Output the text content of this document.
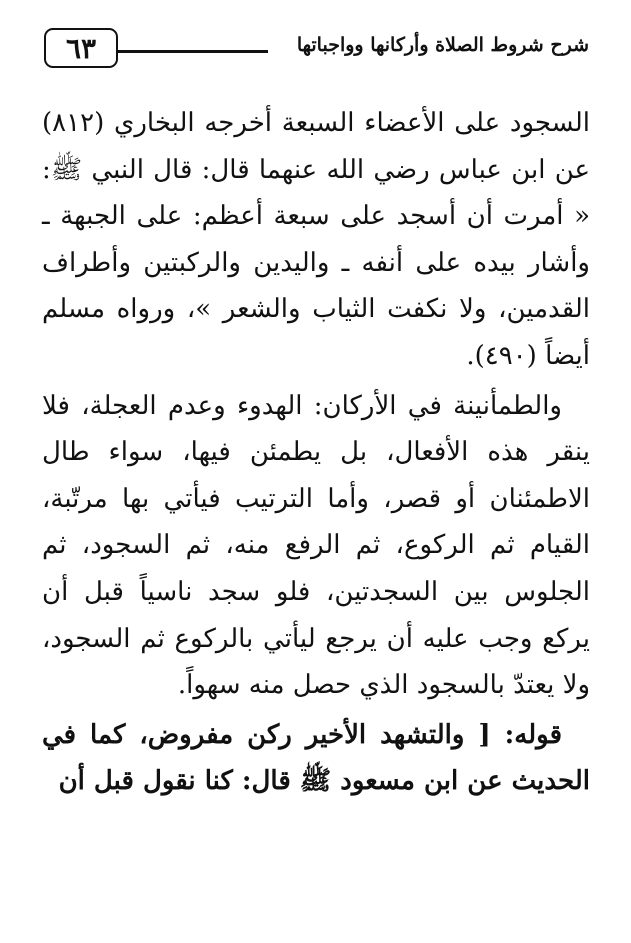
٦٣	شرح شروط الصلاة وأركانها وواجباتها

السجود على الأعضاء السبعة أخرجه البخاري (٨١٢) عن ابن عباس رضي الله عنهما قال: قال النبي ﷺ: « أمرت أن أسجد على سبعة أعظم: على الجبهة ـ وأشار بيده على أنفه ـ واليدين والركبتين وأطراف القدمين، ولا نكفت الثياب والشعر »، ورواه مسلم أيضاً (٤٩٠).

والطمأنينة في الأركان: الهدوء وعدم العجلة، فلا ينقر هذه الأفعال، بل يطمئن فيها، سواء طال الاطمئنان أو قصر، وأما الترتيب فيأتي بها مرتّبة، القيام ثم الركوع، ثم الرفع منه، ثم السجود، ثم الجلوس بين السجدتين، فلو سجد ناسياً قبل أن يركع وجب عليه أن يرجع ليأتي بالركوع ثم السجود، ولا يعتدّ بالسجود الذي حصل منه سهواً.

قوله: [ والتشهد الأخير ركن مفروض، كما في الحديث عن ابن مسعود ﷺ قال: كنا نقول قبل أن
